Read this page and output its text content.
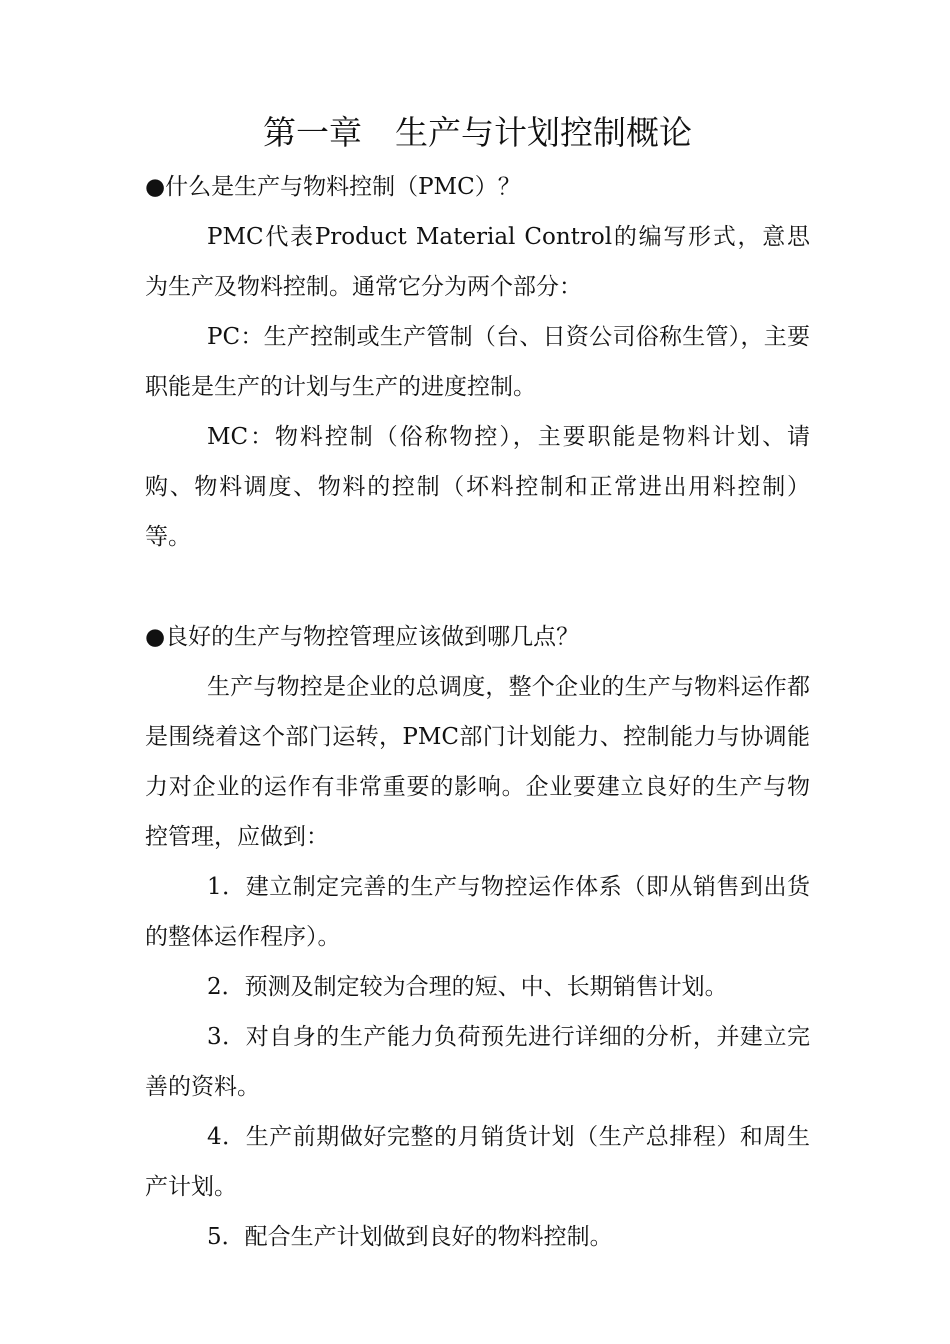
第一章　生产与计划控制概论

●什么是生产与物料控制（PMC）？

PMC代表Product Material Control的编写形式，意思为生产及物料控制。通常它分为两个部分：

PC：生产控制或生产管制（台、日资公司俗称生管），主要职能是生产的计划与生产的进度控制。

MC：物料控制（俗称物控），主要职能是物料计划、请购、物料调度、物料的控制（坏料控制和正常进出用料控制）等。

●良好的生产与物控管理应该做到哪几点？

生产与物控是企业的总调度，整个企业的生产与物料运作都是围绕着这个部门运转，PMC部门计划能力、控制能力与协调能力对企业的运作有非常重要的影响。企业要建立良好的生产与物控管理，应做到：

1．建立制定完善的生产与物控运作体系（即从销售到出货的整体运作程序）。

2．预测及制定较为合理的短、中、长期销售计划。

3．对自身的生产能力负荷预先进行详细的分析，并建立完善的资料。

4．生产前期做好完整的月销货计划（生产总排程）和周生产计划。

5．配合生产计划做到良好的物料控制。
